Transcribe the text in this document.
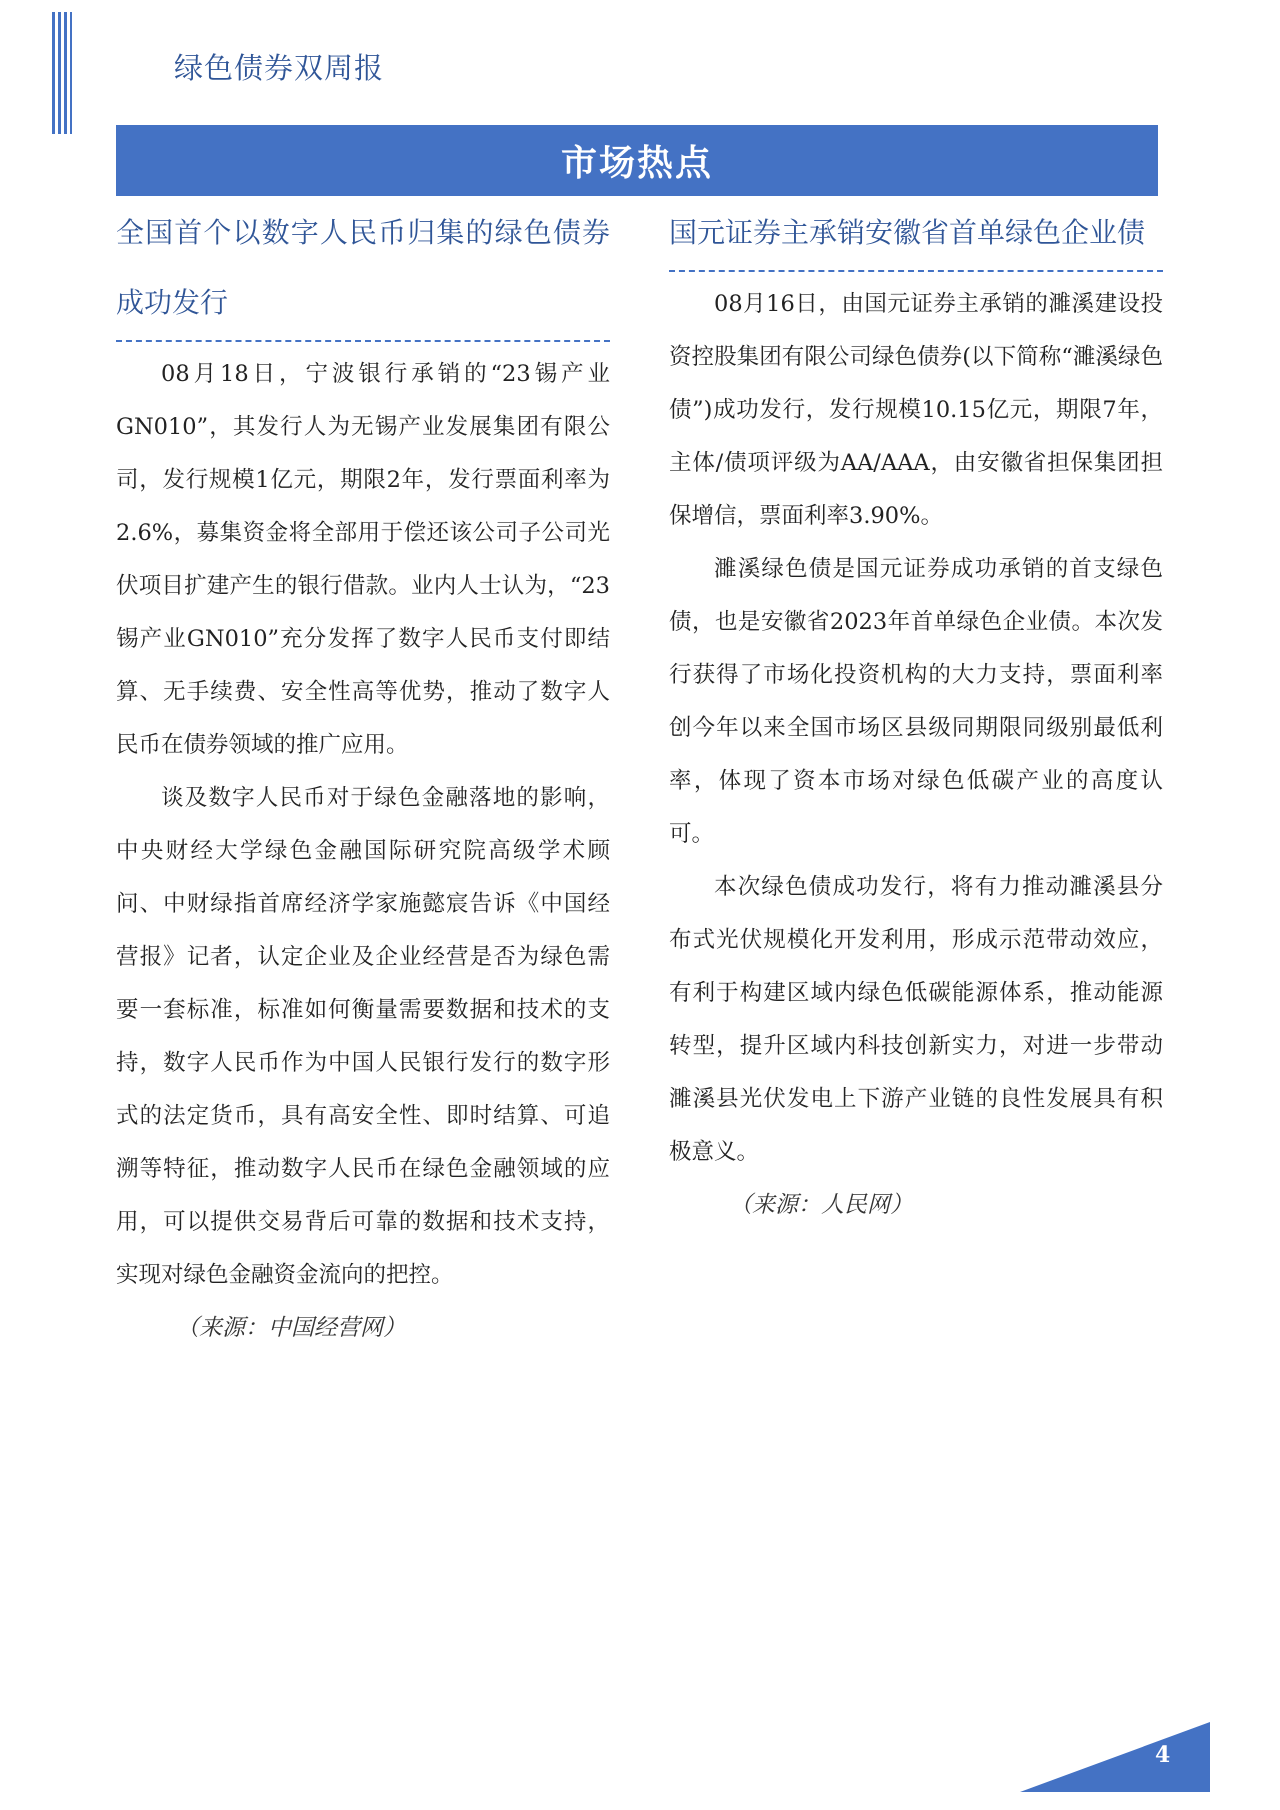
绿色债券双周报
市场热点
全国首个以数字人民币归集的绿色债券成功发行

08月18日，宁波银行承销的“23锡产业GN010”，其发行人为无锡产业发展集团有限公司，发行规模1亿元，期限2年，发行票面利率为2.6%，募集资金将全部用于偿还该公司子公司光伏项目扩建产生的银行借款。业内人士认为，“23锡产业GN010”充分发挥了数字人民币支付即结算、无手续费、安全性高等优势，推动了数字人民币在债券领域的推广应用。

谈及数字人民币对于绿色金融落地的影响，中央财经大学绿色金融国际研究院高级学术顾问、中财绿指首席经济学家施懿宸告诉《中国经营报》记者，认定企业及企业经营是否为绿色需要一套标准，标准如何衡量需要数据和技术的支持，数字人民币作为中国人民银行发行的数字形式的法定货币，具有高安全性、即时结算、可追溯等特征，推动数字人民币在绿色金融领域的应用，可以提供交易背后可靠的数据和技术支持，实现对绿色金融资金流向的把控。

（来源：中国经营网）

国元证券主承销安徽省首单绿色企业债

08月16日，由国元证券主承销的濉溪建设投资控股集团有限公司绿色债券(以下简称“濉溪绿色债”)成功发行，发行规模10.15亿元，期限7年，主体/债项评级为AA/AAA，由安徽省担保集团担保增信，票面利率3.90%。

濉溪绿色债是国元证券成功承销的首支绿色债，也是安徽省2023年首单绿色企业债。本次发行获得了市场化投资机构的大力支持，票面利率创今年以来全国市场区县级同期限同级别最低利率，体现了资本市场对绿色低碳产业的高度认可。

本次绿色债成功发行，将有力推动濉溪县分布式光伏规模化开发利用，形成示范带动效应，有利于构建区域内绿色低碳能源体系，推动能源转型，提升区域内科技创新实力，对进一步带动濉溪县光伏发电上下游产业链的良性发展具有积极意义。

（来源：人民网）

4
